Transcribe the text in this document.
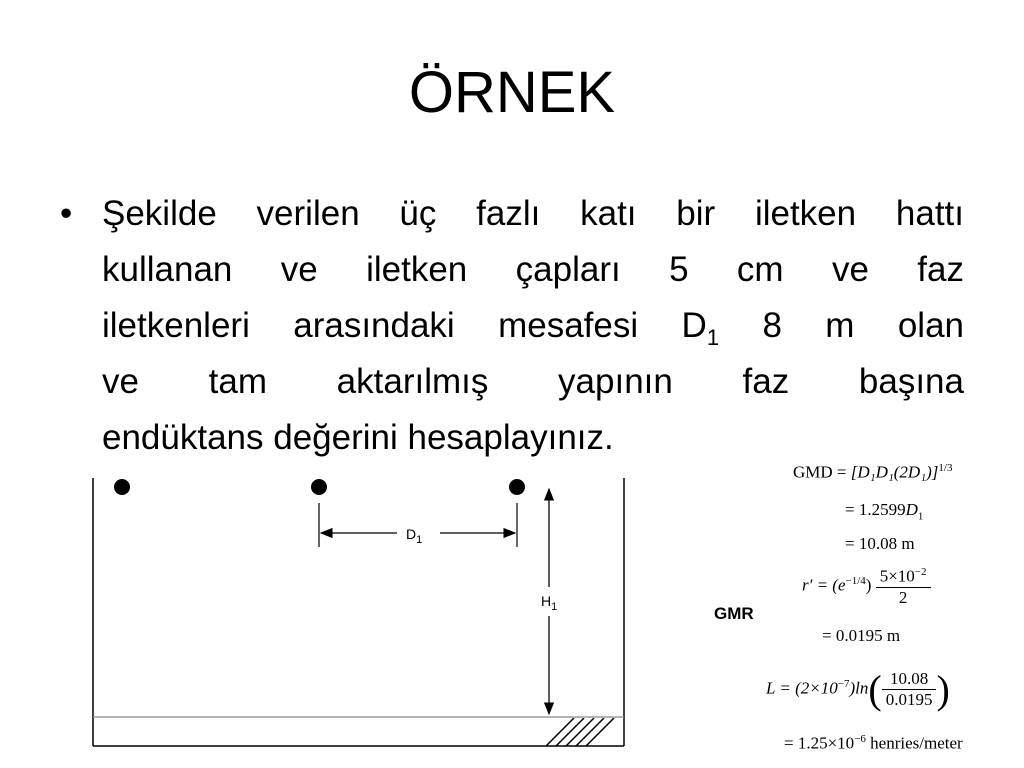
ÖRNEK
• Şekilde verilen üç fazlı katı bir iletken hattı
kullanan ve iletken çapları 5 cm ve faz
iletkenleri arasındaki mesafesi $D_1$ 8 m olan
ve tam aktarılmış yapının faz başına
endüktans değerini hesaplayınız.
$D_1$
$H_1$	GMR
GMD = $[D_1D_1(2D_1)]^{1/3}$
= $1.2599D_1$
= 10.08 m
$r' = (e^{-1/4}) \frac{5\times 10^{-2}}{2}$
= 0.0195 m
$L = (2\times 10^{-7})\ln( \frac{10.08}{0.0195}$ )
= $1.25\times 10^{-6}$ henries/meter
